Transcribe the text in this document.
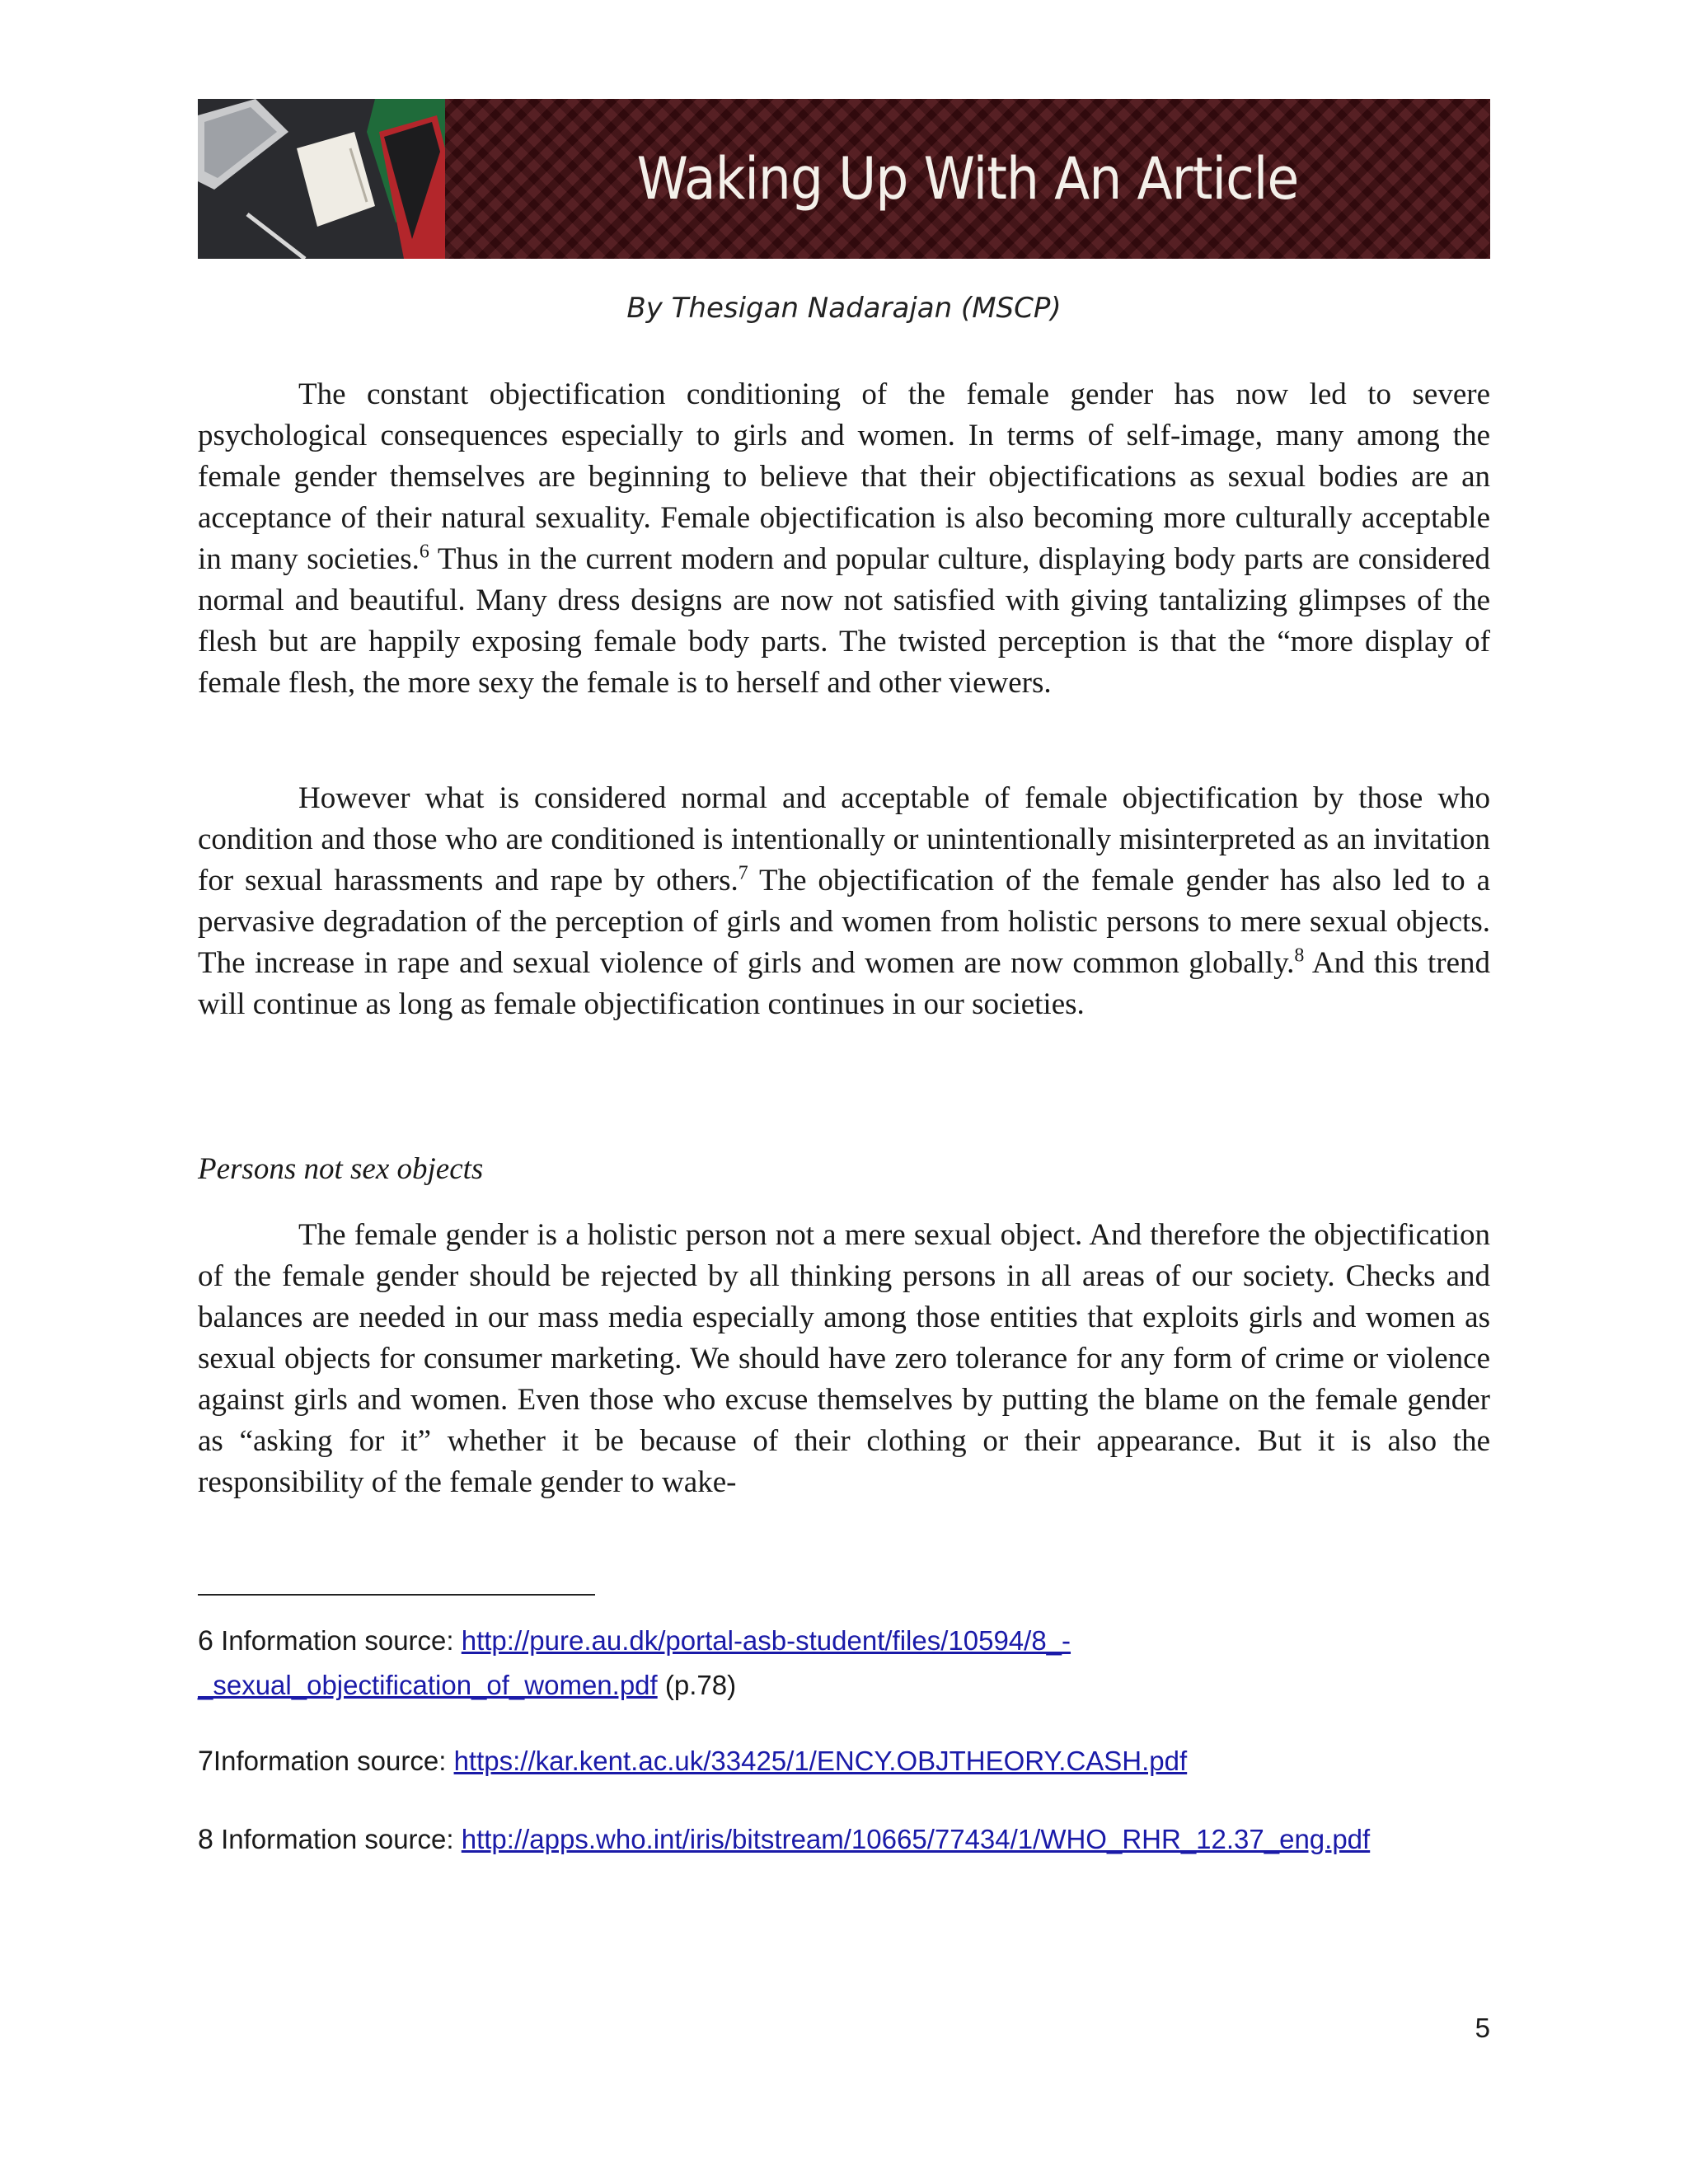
Waking Up With An Article
By Thesigan Nadarajan (MSCP)

The constant objectification conditioning of the female gender has now led to severe psychological consequences especially to girls and women. In terms of self-image, many among the female gender themselves are beginning to believe that their objectifications as sexual bodies are an acceptance of their natural sexuality. Female objectification is also becoming more culturally acceptable in many societies.$^6$ Thus in the current modern and popular culture, displaying body parts are considered normal and beautiful. Many dress designs are now not satisfied with giving tantalizing glimpses of the flesh but are happily exposing female body parts. The twisted perception is that the “more display of female flesh, the more sexy the female is to herself and other viewers.

However what is considered normal and acceptable of female objectification by those who condition and those who are conditioned is intentionally or unintentionally misinterpreted as an invitation for sexual harassments and rape by others.$^7$ The objectification of the female gender has also led to a pervasive degradation of the perception of girls and women from holistic persons to mere sexual objects. The increase in rape and sexual violence of girls and women are now common globally.$^8$ And this trend will continue as long as female objectification continues in our societies.

Persons not sex objects

The female gender is a holistic person not a mere sexual object. And therefore the objectification of the female gender should be rejected by all thinking persons in all areas of our society. Checks and balances are needed in our mass media especially among those entities that exploits girls and women as sexual objects for consumer marketing. We should have zero tolerance for any form of crime or violence against girls and women. Even those who excuse themselves by putting the blame on the female gender as “asking for it” whether it be because of their clothing or their appearance. But it is also the responsibility of the female gender to wake-

6 Information source: http://pure.au.dk/portal-asb-student/files/10594/8_-
_sexual_objectification_of_women.pdf (p.78)
7Information source: https://kar.kent.ac.uk/33425/1/ENCY.OBJTHEORY.CASH.pdf
8 Information source: http://apps.who.int/iris/bitstream/10665/77434/1/WHO_RHR_12.37_eng.pdf
5
